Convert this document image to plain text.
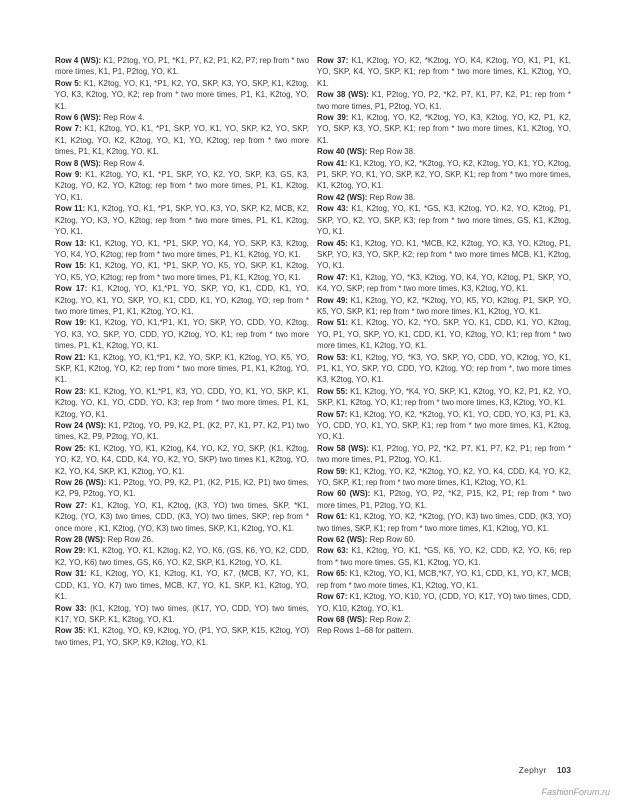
Row 4 (WS): K1, P2tog, YO, P1, *K1, P7, K2, P1, K2, P7; rep from * two more times, K1, P1, P2tog, YO, K1.

Row 5: K1, K2tog, YO, K1, *P1, K2, YO, SKP, K3, YO, SKP, K1, K2tog, YO, K3, K2tog, YO, K2; rep from * two more times, P1, K1, K2tog, YO, K1.

Row 6 (WS): Rep Row 4.

Row 7: K1, K2tog, YO, K1, *P1, SKP, YO, K1, YO, SKP, K2, YO, SKP, K1, K2tog, YO, K2, K2tog, YO, K1, YO, K2tog; rep from * two more times, P1, K1, K2tog, YO, K1.

Row 8 (WS): Rep Row 4.

Row 9: K1, K2tog, YO, K1, *P1, SKP, YO, K2, YO, SKP, K3, GS, K3, K2tog, YO, K2, YO, K2tog; rep from * two more times, P1, K1, K2tog, YO, K1.

Row 11: K1, K2tog, YO, K1, *P1, SKP, YO, K3, YO, SKP, K2, MCB, K2, K2tog, YO, K3, YO, K2tog; rep from * two more times, P1, K1, K2tog, YO, K1.

Row 13: K1, K2tog, YO, K1, *P1, SKP, YO, K4, YO, SKP, K3, K2tog, YO, K4, YO, K2tog; rep from * two more times, P1, K1, K2tog, YO, K1.

Row 15: K1, K2tog, YO, K1, *P1, SKP, YO, K5, YO, SKP, K1, K2tog, YO, K5, YO, K2tog; rep from * two more times, P1, K1, K2tog, YO, K1.

Row 17: K1, K2tog, YO, K1,*P1, YO, SKP, YO, K1, CDD, K1, YO, K2tog, YO, K1, YO, SKP, YO, K1, CDD, K1, YO, K2tog, YO; rep from * two more times, P1, K1, K2tog, YO, K1.

Row 19: K1, K2tog, YO, K1,*P1, K1, YO, SKP, YO, CDD, YO, K2tog, YO, K3, YO, SKP, YO, CDD, YO, K2tog, YO, K1; rep from * two more times, P1, K1, K2tog, YO, K1.

Row 21: K1, K2tog, YO, K1,*P1, K2, YO, SKP, K1, K2tog, YO, K5, YO, SKP, K1, K2tog, YO, K2; rep from * two more times, P1, K1, K2tog, YO, K1.

Row 23: K1, K2tog, YO, K1,*P1, K3, YO, CDD, YO, K1, YO, SKP, K1, K2tog, YO, K1, YO, CDD, YO, K3; rep from * two more times, P1, K1, K2tog, YO, K1.

Row 24 (WS): K1, P2tog, YO, P9, K2, P1, (K2, P7, K1, P7, K2, P1) two times, K2, P9, P2tog, YO, K1.

Row 25: K1, K2tog, YO, K1, K2tog, K4, YO, K2, YO, SKP, (K1, K2tog, YO, K2, YO, K4, CDD, K4, YO, K2, YO, SKP) two times K1, K2tog, YO, K2, YO, K4, SKP, K1, K2tog, YO, K1.

Row 26 (WS): K1, P2tog, YO, P9, K2, P1, (K2, P15, K2, P1) two times, K2, P9, P2tog, YO, K1.

Row 27: K1, K2tog, YO, K1, K2tog, (K3, YO) two times, SKP, *K1, K2tog, (YO, K3) two times, CDD, (K3, YO) two times, SKP; rep from * once more , K1, K2tog, (YO, K3) two times, SKP, K1, K2tog, YO, K1.

Row 28 (WS): Rep Row 26.

Row 29: K1, K2tog, YO, K1, K2tog, K2, YO, K6, (GS, K6, YO, K2, CDD, K2, YO, K6) two times, GS, K6, YO, K2, SKP, K1, K2tog, YO, K1.

Row 31: K1, K2tog, YO, K1, K2tog, K1, YO, K7, (MCB, K7, YO, K1, CDD, K1, YO, K7) two times, MCB, K7, YO, K1, SKP, K1, K2tog, YO, K1.

Row 33: (K1, K2tog, YO) two times, (K17, YO, CDD, YO) two times, K17, YO, SKP, K1, K2tog, YO, K1.

Row 35: K1, K2tog, YO, K9, K2tog, YO, (P1, YO, SKP, K15, K2tog, YO) two times, P1, YO, SKP, K9, K2tog, YO, K1.

Row 37: K1, K2tog, YO, K2, *K2tog, YO, K4, K2tog, YO, K1, P1, K1, YO, SKP, K4, YO, SKP, K1; rep from * two more times, K1, K2tog, YO, K1.

Row 38 (WS): K1, P2tog, YO, P2, *K2, P7, K1, P7, K2, P1; rep from * two more times, P1, P2tog, YO, K1.

Row 39: K1, K2tog, YO, K2, *K2tog, YO, K3, K2tog, YO, K2, P1, K2, YO, SKP, K3, YO, SKP, K1; rep from * two more times, K1, K2tog, YO, K1.

Row 40 (WS): Rep Row 38.

Row 41: K1, K2tog, YO, K2, *K2tog, YO, K2, K2tog, YO, K1, YO, K2tog, P1, SKP, YO, K1, YO, SKP, K2, YO, SKP, K1; rep from * two more times, K1, K2tog, YO, K1.

Row 42 (WS): Rep Row 38.

Row 43: K1, K2tog, YO, K1, *GS, K3, K2tog, YO, K2, YO, K2tog, P1, SKP, YO, K2, YO, SKP, K3; rep from * two more times, GS, K1, K2tog, YO, K1.

Row 45: K1, K2tog, YO, K1, *MCB, K2, K2tog, YO, K3, YO, K2tog, P1, SKP, YO, K3, YO, SKP, K2; rep from * two more times MCB, K1, K2tog, YO, K1.

Row 47: K1, K2tog, YO, *K3, K2tog, YO, K4, YO, K2tog, P1, SKP, YO, K4, YO, SKP; rep from * two more times, K3, K2tog, YO, K1.

Row 49: K1, K2tog, YO, K2, *K2tog, YO, K5, YO, K2tog, P1, SKP, YO, K5, YO, SKP, K1; rep from * two more times, K1, K2tog, YO, K1.

Row 51: K1, K2tog, YO, K2, *YO, SKP, YO, K1, CDD, K1, YO, K2tog, YO, P1, YO, SKP, YO, K1, CDD, K1, YO, K2tog, YO, K1; rep from * two more times, K1, K2tog, YO, K1.

Row 53: K1, K2tog, YO, *K3, YO, SKP, YO, CDD, YO, K2tog, YO, K1, P1, K1, YO, SKP, YO, CDD, YO, K2tog, YO; rep from *, two more times K3, K2tog, YO, K1.

Row 55: K1, K2tog, YO, *K4, YO, SKP, K1, K2tog, YO, K2, P1, K2, YO, SKP, K1, K2tog, YO, K1; rep from * two more times, K3, K2tog, YO, K1.

Row 57: K1, K2tog, YO, K2, *K2tog, YO, K1, YO, CDD, YO, K3, P1, K3, YO, CDD, YO, K1, YO, SKP, K1; rep from * two more times, K1, K2tog, YO, K1.

Row 58 (WS): K1, P2tog, YO, P2, *K2, P7, K1, P7, K2, P1; rep from * two more times, P1, P2tog, YO, K1.

Row 59: K1, K2tog, YO, K2, *K2tog, YO, K2, YO, K4, CDD, K4, YO, K2, YO, SKP, K1; rep from * two more times, K1, K2tog, YO, K1.

Row 60 (WS): K1, P2tog, YO, P2, *K2, P15, K2, P1; rep from * two more times, P1, P2tog, YO, K1.

Row 61: K1, K2tog, YO, K2, *K2tog, (YO, K3) two times, CDD, (K3, YO) two times, SKP, K1; rep from * two more times, K1, K2tog, YO, K1.

Row 62 (WS): Rep Row 60.

Row 63: K1, K2tog, YO, K1, *GS, K6, YO, K2, CDD, K2, YO, K6; rep from * two more times, GS, K1, K2tog, YO, K1.

Row 65: K1, K2tog, YO, K1, MCB,*K7, YO, K1, CDD, K1, YO, K7, MCB; rep from * two more times, K1, K2tog, YO, K1.

Row 67: K1, K2tog, YO, K10, YO, (CDD, YO, K17, YO) two times, CDD, YO, K10, K2tog, YO, K1.

Row 68 (WS): Rep Row 2.

Rep Rows 1–68 for pattern.

Zephyr 103
FashionForum.ru
